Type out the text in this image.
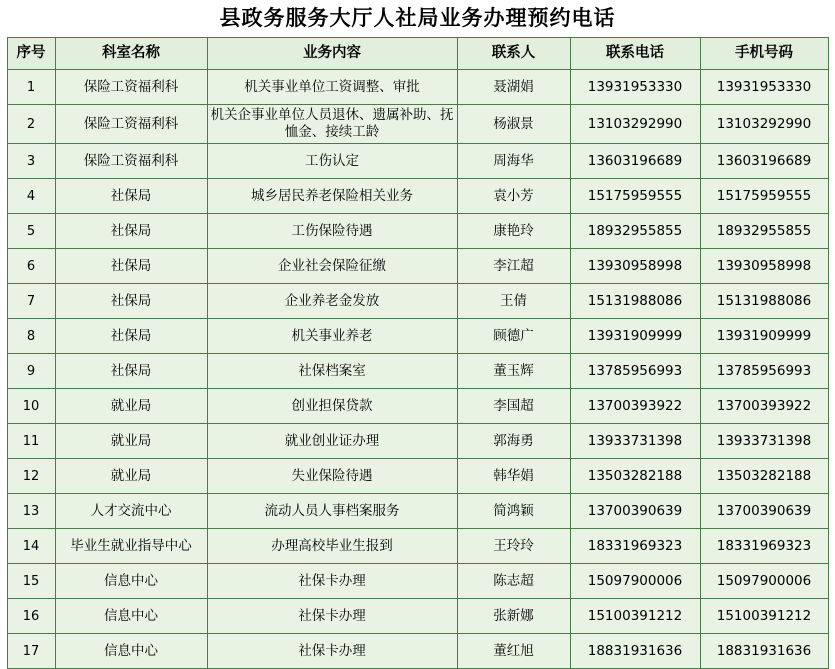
县政务服务大厅人社局业务办理预约电话
序号	科室名称	业务内容	联系人	联系电话	手机号码
1	保险工资福利科	机关事业单位工资调整、审批	聂湖娟	13931953330	13931953330
2	保险工资福利科	机关企事业单位人员退休、遗属补助、抚恤金、接续工龄	杨淑景	13103292990	13103292990
3	保险工资福利科	工伤认定	周海华	13603196689	13603196689
4	社保局	城乡居民养老保险相关业务	袁小芳	15175959555	15175959555
5	社保局	工伤保险待遇	康艳玲	18932955855	18932955855
6	社保局	企业社会保险征缴	李江超	13930958998	13930958998
7	社保局	企业养老金发放	王倩	15131988086	15131988086
8	社保局	机关事业养老	顾德广	13931909999	13931909999
9	社保局	社保档案室	董玉辉	13785956993	13785956993
10	就业局	创业担保贷款	李国超	13700393922	13700393922
11	就业局	就业创业证办理	郭海勇	13933731398	13933731398
12	就业局	失业保险待遇	韩华娟	13503282188	13503282188
13	人才交流中心	流动人员人事档案服务	简鸿颖	13700390639	13700390639
14	毕业生就业指导中心	办理高校毕业生报到	王玲玲	18331969323	18331969323
15	信息中心	社保卡办理	陈志超	15097900006	15097900006
16	信息中心	社保卡办理	张新娜	15100391212	15100391212
17	信息中心	社保卡办理	董红旭	18831931636	18831931636
